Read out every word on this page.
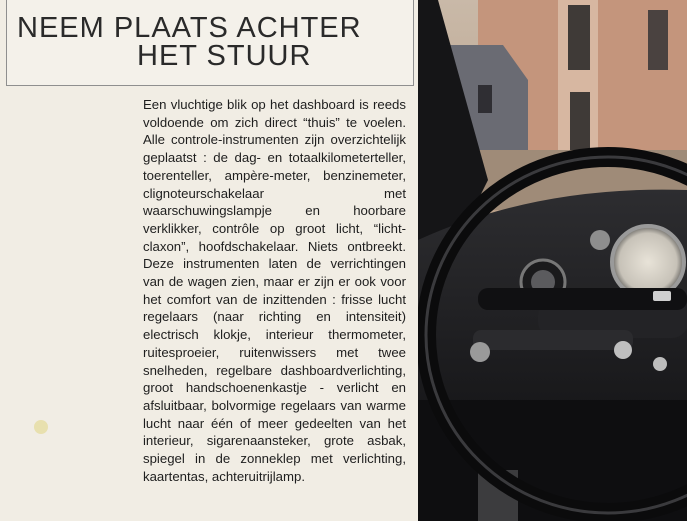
NEEM PLAATS ACHTER
HET STUUR

Een vluchtige blik op het dashboard is reeds voldoende om zich direct “thuis” te voelen. Alle controle-instrumenten zijn overzichtelijk geplaatst : de dag- en totaalkilometerteller, toerenteller, ampère-meter, benzinemeter, clignoteurschakelaar met waarschuwingslampje en hoorbare verklikker, contrôle op groot licht, “licht-claxon”, hoofdschakelaar. Niets ontbreekt. Deze instrumenten laten de verrichtingen van de wagen zien, maar er zijn er ook voor het comfort van de inzittenden : frisse lucht regelaars (naar richting en intensiteit) electrisch klokje, interieur thermometer, ruitesproeier, ruitenwissers met twee snelheden, regelbare dashboardverlichting, groot handschoenenkastje - verlicht en afsluitbaar, bolvormige regelaars van warme lucht naar één of meer gedeelten van het interieur, sigarenaansteker, grote asbak, spiegel in de zonneklep met verlichting, kaartentas, achteruitrijlamp.
